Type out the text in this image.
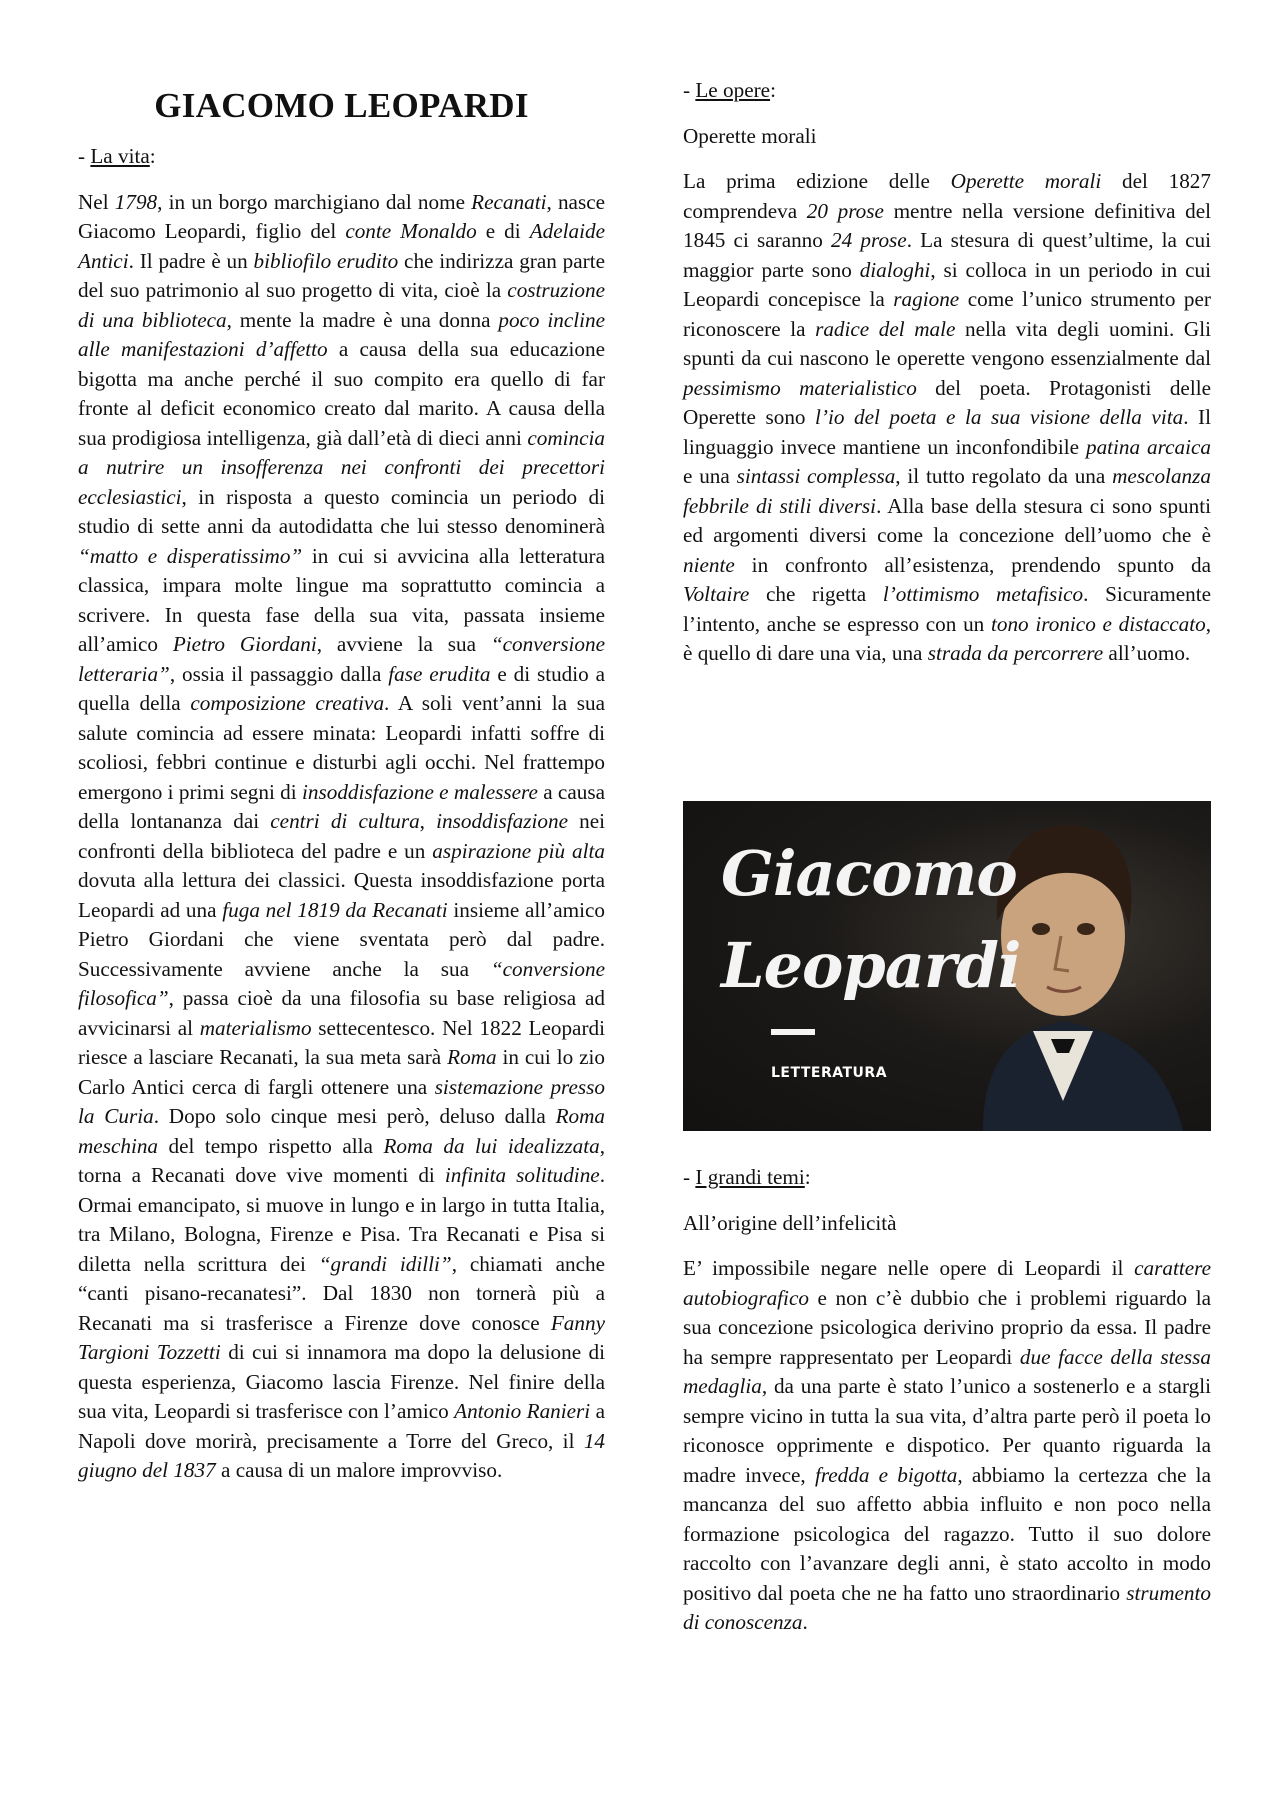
GIACOMO LEOPARDI
- La vita:

Nel 1798, in un borgo marchigiano dal nome Recanati, nasce Giacomo Leopardi, figlio del conte Monaldo e di Adelaide Antici. Il padre è un bibliofilo erudito che indirizza gran parte del suo patrimonio al suo progetto di vita, cioè la costruzione di una biblioteca, mente la madre è una donna poco incline alle manifestazioni d’affetto a causa della sua educazione bigotta ma anche perché il suo compito era quello di far fronte al deficit economico creato dal marito. A causa della sua prodigiosa intelligenza, già dall’età di dieci anni comincia a nutrire un insofferenza nei confronti dei precettori ecclesiastici, in risposta a questo comincia un periodo di studio di sette anni da autodidatta che lui stesso denominerà “matto e disperatissimo” in cui si avvicina alla letteratura classica, impara molte lingue ma soprattutto comincia a scrivere. In questa fase della sua vita, passata insieme all’amico Pietro Giordani, avviene la sua “conversione letteraria”, ossia il passaggio dalla fase erudita e di studio a quella della composizione creativa. A soli vent’anni la sua salute comincia ad essere minata: Leopardi infatti soffre di scoliosi, febbri continue e disturbi agli occhi. Nel frattempo emergono i primi segni di insoddisfazione e malessere a causa della lontananza dai centri di cultura, insoddisfazione nei confronti della biblioteca del padre e un aspirazione più alta dovuta alla lettura dei classici. Questa insoddisfazione porta Leopardi ad una fuga nel 1819 da Recanati insieme all’amico Pietro Giordani che viene sventata però dal padre. Successivamente avviene anche la sua “conversione filosofica”, passa cioè da una filosofia su base religiosa ad avvicinarsi al materialismo settecentesco. Nel 1822 Leopardi riesce a lasciare Recanati, la sua meta sarà Roma in cui lo zio Carlo Antici cerca di fargli ottenere una sistemazione presso la Curia. Dopo solo cinque mesi però, deluso dalla Roma meschina del tempo rispetto alla Roma da lui idealizzata, torna a Recanati dove vive momenti di infinita solitudine. Ormai emancipato, si muove in lungo e in largo in tutta Italia, tra Milano, Bologna, Firenze e Pisa. Tra Recanati e Pisa si diletta nella scrittura dei “grandi idilli”, chiamati anche “canti pisano-recanatesi”. Dal 1830 non tornerà più a Recanati ma si trasferisce a Firenze dove conosce Fanny Targioni Tozzetti di cui si innamora ma dopo la delusione di questa esperienza, Giacomo lascia Firenze. Nel finire della sua vita, Leopardi si trasferisce con l’amico Antonio Ranieri a Napoli dove morirà, precisamente a Torre del Greco, il 14 giugno del 1837 a causa di un malore improvviso.

- Le opere:
Operette morali

La prima edizione delle Operette morali del 1827 comprendeva 20 prose mentre nella versione definitiva del 1845 ci saranno 24 prose. La stesura di quest’ultime, la cui maggior parte sono dialoghi, si colloca in un periodo in cui Leopardi concepisce la ragione come l’unico strumento per riconoscere la radice del male nella vita degli uomini. Gli spunti da cui nascono le operette vengono essenzialmente dal pessimismo materialistico del poeta. Protagonisti delle Operette sono l’io del poeta e la sua visione della vita. Il linguaggio invece mantiene un inconfondibile patina arcaica e una sintassi complessa, il tutto regolato da una mescolanza febbrile di stili diversi. Alla base della stesura ci sono spunti ed argomenti diversi come la concezione dell’uomo che è niente in confronto all’esistenza, prendendo spunto da Voltaire che rigetta l’ottimismo metafisico. Sicuramente l’intento, anche se espresso con un tono ironico e distaccato, è quello di dare una via, una strada da percorrere all’uomo.

Giacomo
Leopardi
LETTERATURA
- I grandi temi:
All’origine dell’infelicità

E’ impossibile negare nelle opere di Leopardi il carattere autobiografico e non c’è dubbio che i problemi riguardo la sua concezione psicologica derivino proprio da essa. Il padre ha sempre rappresentato per Leopardi due facce della stessa medaglia, da una parte è stato l’unico a sostenerlo e a stargli sempre vicino in tutta la sua vita, d’altra parte però il poeta lo riconosce opprimente e dispotico. Per quanto riguarda la madre invece, fredda e bigotta, abbiamo la certezza che la mancanza del suo affetto abbia influito e non poco nella formazione psicologica del ragazzo. Tutto il suo dolore raccolto con l’avanzare degli anni, è stato accolto in modo positivo dal poeta che ne ha fatto uno straordinario strumento di conoscenza.
